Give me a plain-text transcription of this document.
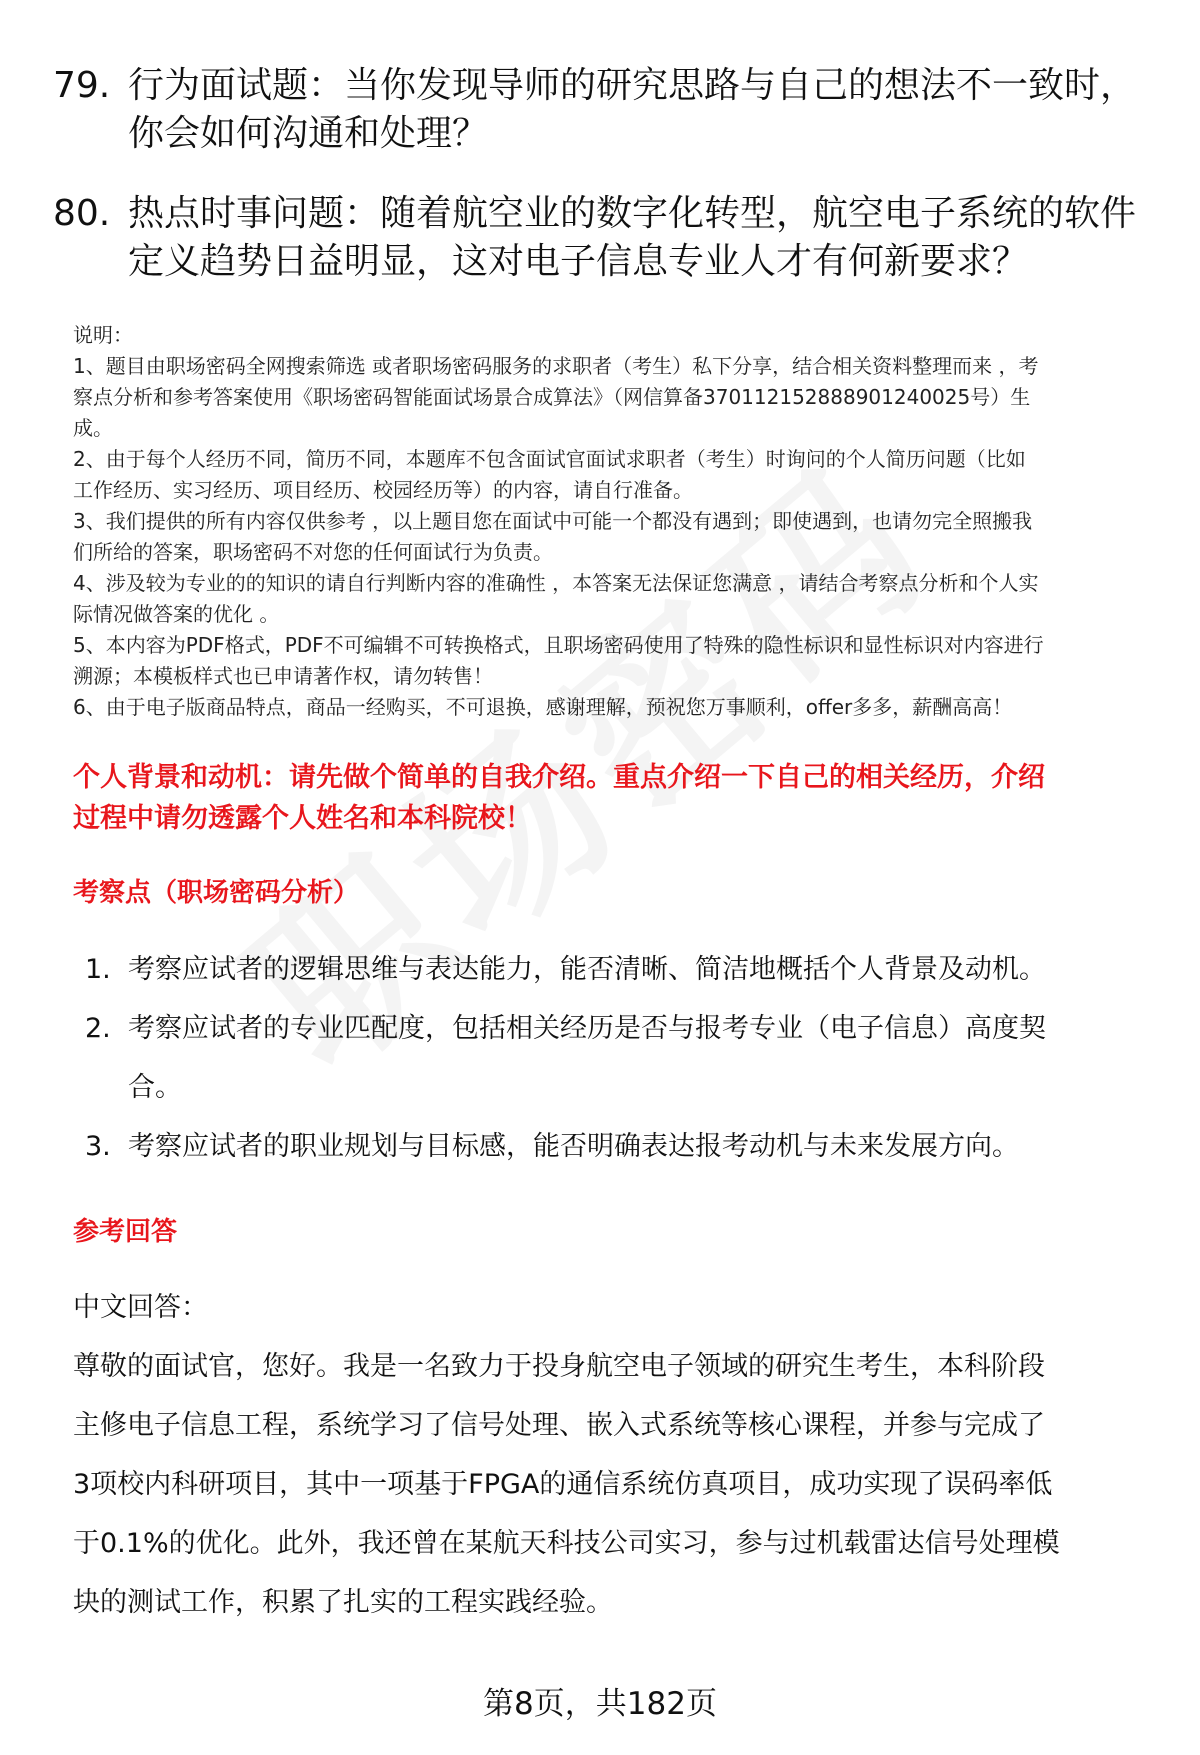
79. 行为面试题：当你发现导师的研究思路与自己的想法不一致时，
你会如何沟通和处理？
80. 热点时事问题：随着航空业的数字化转型，航空电子系统的软件
定义趋势日益明显，这对电子信息专业人才有何新要求？
说明：
1、题目由职场密码全网搜索筛选 或者职场密码服务的求职者（考生）私下分享，结合相关资料整理而来 ，考
察点分析和参考答案使用《职场密码智能面试场景合成算法》（网信算备370112152888901240025号）生
成。
2、由于每个人经历不同，简历不同，本题库不包含面试官面试求职者（考生）时询问的个人简历问题（比如
工作经历、实习经历、项目经历、校园经历等）的内容，请自行准备。
3、我们提供的所有内容仅供参考 ，以上题目您在面试中可能一个都没有遇到；即使遇到，也请勿完全照搬我
们所给的答案，职场密码不对您的任何面试行为负责。
4、涉及较为专业的的知识的请自行判断内容的准确性 ，本答案无法保证您满意 ，请结合考察点分析和个人实
际情况做答案的优化 。
5、本内容为PDF格式，PDF不可编辑不可转换格式，且职场密码使用了特殊的隐性标识和显性标识对内容进行
溯源；本模板样式也已申请著作权，请勿转售！
6、由于电子版商品特点，商品一经购买，不可退换，感谢理解，预祝您万事顺利，offer多多，薪酬高高！
个人背景和动机：请先做个简单的自我介绍。重点介绍一下自己的相关经历，介绍
过程中请勿透露个人姓名和本科院校！
考察点（职场密码分析）
1. 考察应试者的逻辑思维与表达能力，能否清晰、简洁地概括个人背景及动机。
2. 考察应试者的专业匹配度，包括相关经历是否与报考专业（电子信息）高度契
合。
3. 考察应试者的职业规划与目标感，能否明确表达报考动机与未来发展方向。
参考回答
中文回答：
尊敬的面试官，您好。我是一名致力于投身航空电子领域的研究生考生，本科阶段
主修电子信息工程，系统学习了信号处理、嵌入式系统等核心课程，并参与完成了
3项校内科研项目，其中一项基于FPGA的通信系统仿真项目，成功实现了误码率低
于0.1%的优化。此外，我还曾在某航天科技公司实习，参与过机载雷达信号处理模
块的测试工作，积累了扎实的工程实践经验。
第8页，共182页
